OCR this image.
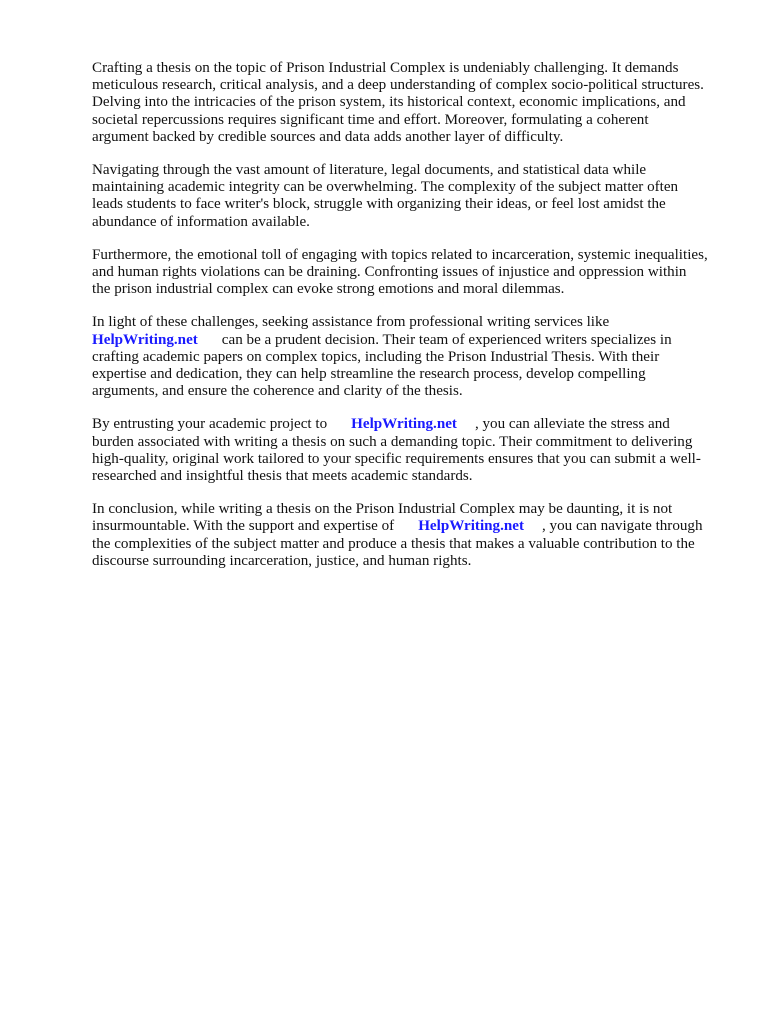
Crafting a thesis on the topic of Prison Industrial Complex is undeniably challenging. It demands
meticulous research, critical analysis, and a deep understanding of complex socio-political structures.
Delving into the intricacies of the prison system, its historical context, economic implications, and
societal repercussions requires significant time and effort. Moreover, formulating a coherent
argument backed by credible sources and data adds another layer of difficulty.

Navigating through the vast amount of literature, legal documents, and statistical data while
maintaining academic integrity can be overwhelming. The complexity of the subject matter often
leads students to face writer's block, struggle with organizing their ideas, or feel lost amidst the
abundance of information available.

Furthermore, the emotional toll of engaging with topics related to incarceration, systemic inequalities,
and human rights violations can be draining. Confronting issues of injustice and oppression within
the prison industrial complex can evoke strong emotions and moral dilemmas.

In light of these challenges, seeking assistance from professional writing services like
HelpWriting.net can be a prudent decision. Their team of experienced writers specializes in
crafting academic papers on complex topics, including the Prison Industrial Thesis. With their
expertise and dedication, they can help streamline the research process, develop compelling
arguments, and ensure the coherence and clarity of the thesis.

By entrusting your academic project to HelpWriting.net , you can alleviate the stress and
burden associated with writing a thesis on such a demanding topic. Their commitment to delivering
high-quality, original work tailored to your specific requirements ensures that you can submit a well-
researched and insightful thesis that meets academic standards.

In conclusion, while writing a thesis on the Prison Industrial Complex may be daunting, it is not
insurmountable. With the support and expertise of HelpWriting.net , you can navigate through
the complexities of the subject matter and produce a thesis that makes a valuable contribution to the
discourse surrounding incarceration, justice, and human rights.
